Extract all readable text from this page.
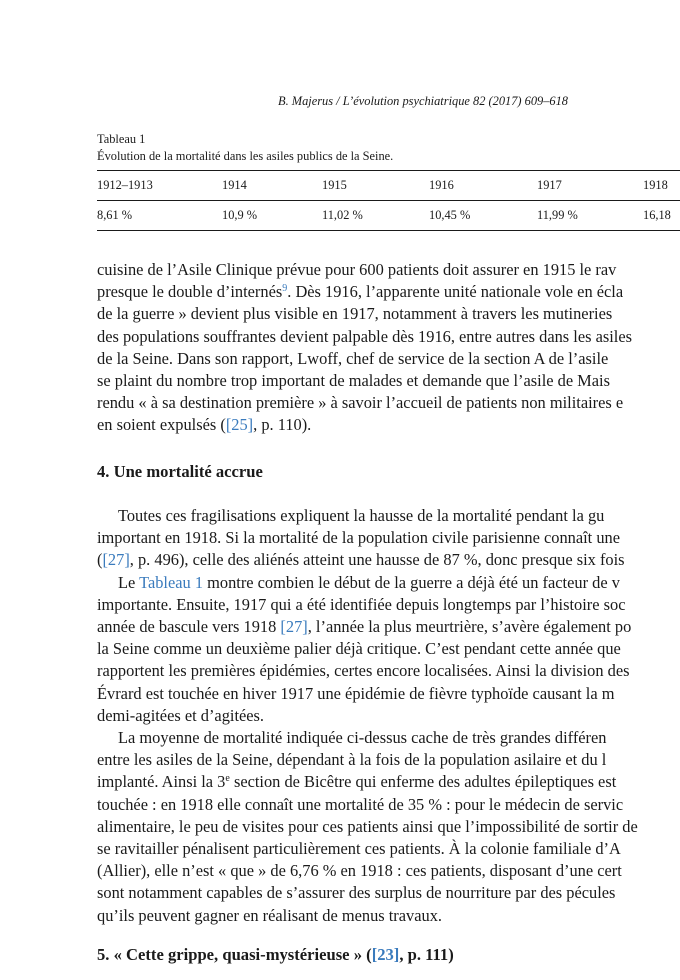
B. Majerus / L’évolution psychiatrique 82 (2017) 609–618
Tableau 1
Évolution de la mortalité dans les asiles publics de la Seine.
1912–1913	1914	1915	1916	1917	1918
8,61 %	10,9 %	11,02 %	10,45 %	11,99 %	16,18

cuisine de l’Asile Clinique prévue pour 600 patients doit assurer en 1915 le rav

presque le double d’internés$^9$. Dès 1916, l’apparente unité nationale vole en écla

de la guerre » devient plus visible en 1917, notamment à travers les mutineries

des populations souffrantes devient palpable dès 1916, entre autres dans les asiles

de la Seine. Dans son rapport, Lwoff, chef de service de la section A de l’asile

se plaint du nombre trop important de malades et demande que l’asile de Mais

rendu « à sa destination première » à savoir l’accueil de patients non militaires e

en soient expulsés ([25], p. 110).

4. Une mortalité accrue

Toutes ces fragilisations expliquent la hausse de la mortalité pendant la gu

important en 1918. Si la mortalité de la population civile parisienne connaît une

([27], p. 496), celle des aliénés atteint une hausse de 87 %, donc presque six fois

Le Tableau 1 montre combien le début de la guerre a déjà été un facteur de v

importante. Ensuite, 1917 qui a été identifiée depuis longtemps par l’histoire soc

année de bascule vers 1918 [27], l’année la plus meurtrière, s’avère également po

la Seine comme un deuxième palier déjà critique. C’est pendant cette année que

rapportent les premières épidémies, certes encore localisées. Ainsi la division des

Évrard est touchée en hiver 1917 une épidémie de fièvre typhoïde causant la m

demi-agitées et d’agitées.

La moyenne de mortalité indiquée ci-dessus cache de très grandes différen

entre les asiles de la Seine, dépendant à la fois de la population asilaire et du l

implanté. Ainsi la 3e section de Bicêtre qui enferme des adultes épileptiques est

touchée : en 1918 elle connaît une mortalité de 35 % : pour le médecin de servic

alimentaire, le peu de visites pour ces patients ainsi que l’impossibilité de sortir de

se ravitailler pénalisent particulièrement ces patients. À la colonie familiale d’A

(Allier), elle n’est « que » de 6,76 % en 1918 : ces patients, disposant d’une cert

sont notamment capables de s’assurer des surplus de nourriture par des pécules

qu’ils peuvent gagner en réalisant de menus travaux.

5. « Cette grippe, quasi-mystérieuse » ([23], p. 111)
